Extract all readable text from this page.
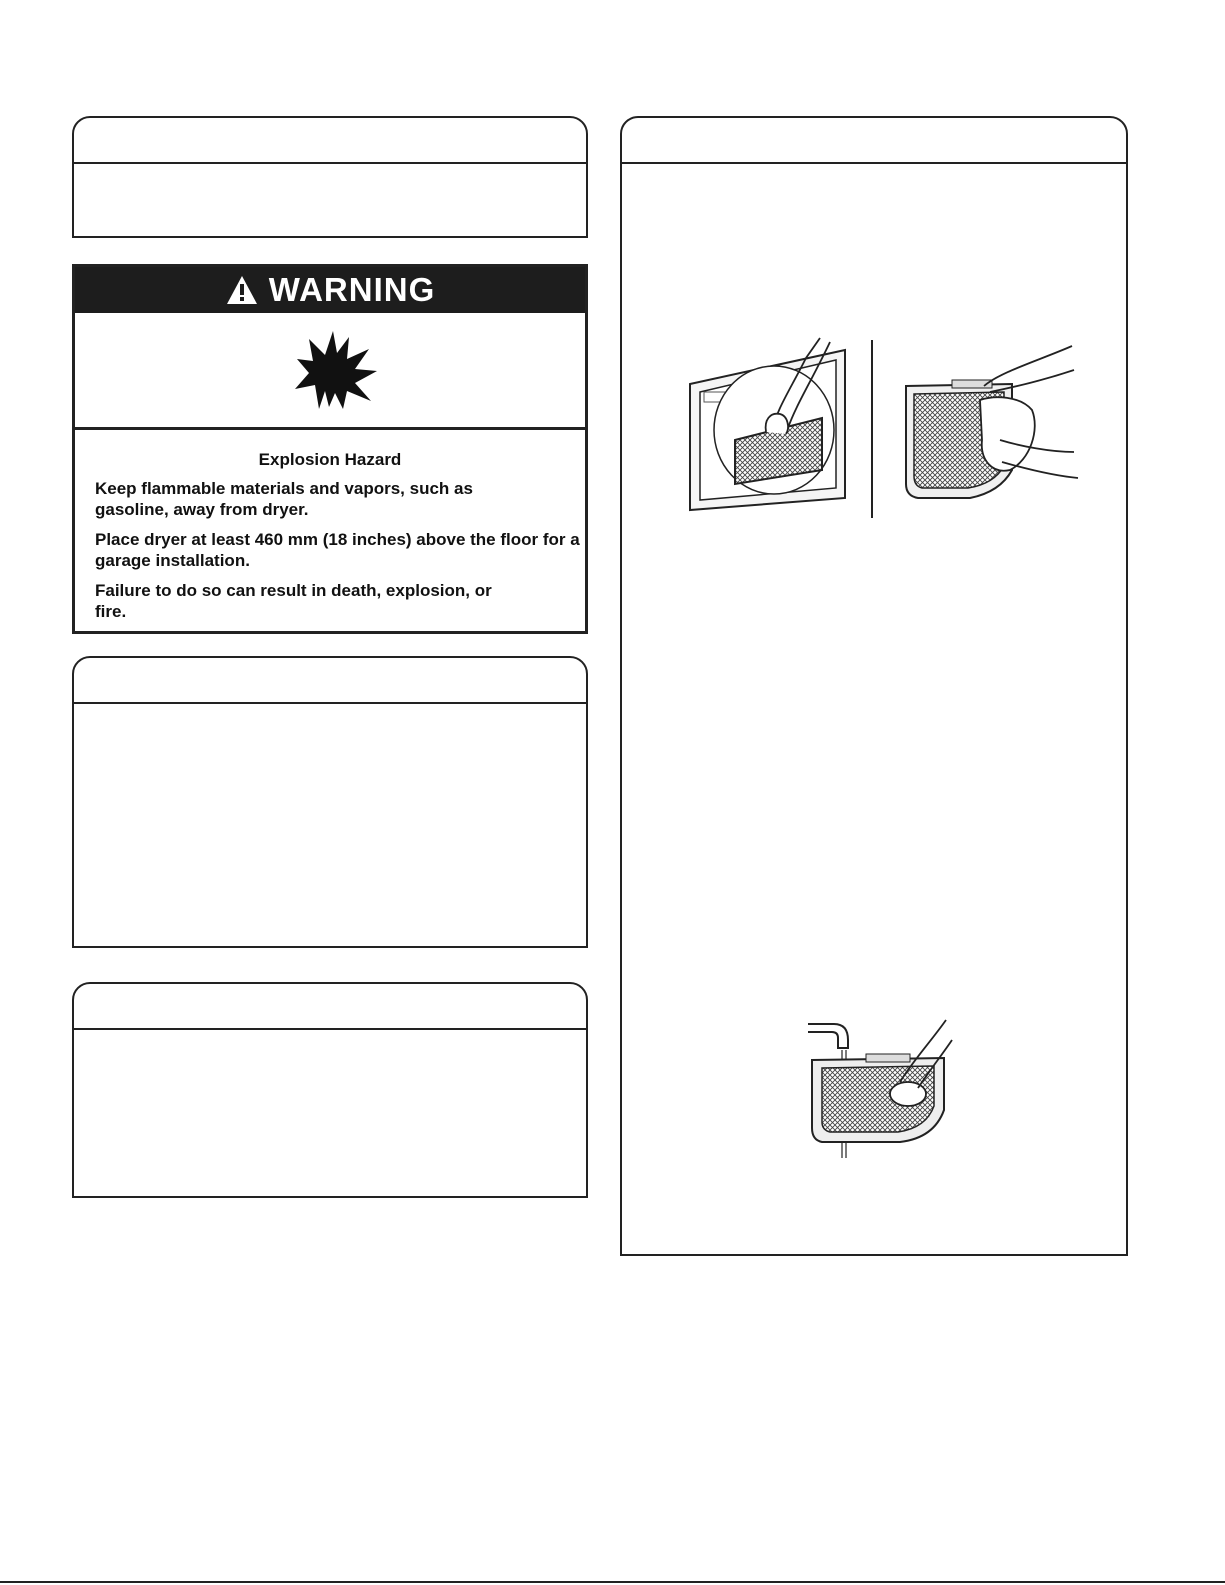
WARNING
Explosion Hazard
Keep flammable materials and vapors, such as gasoline, away from dryer.
Place dryer at least 460 mm (18 inches) above the floor for a garage installation.
Failure to do so can result in death, explosion, or fire.
